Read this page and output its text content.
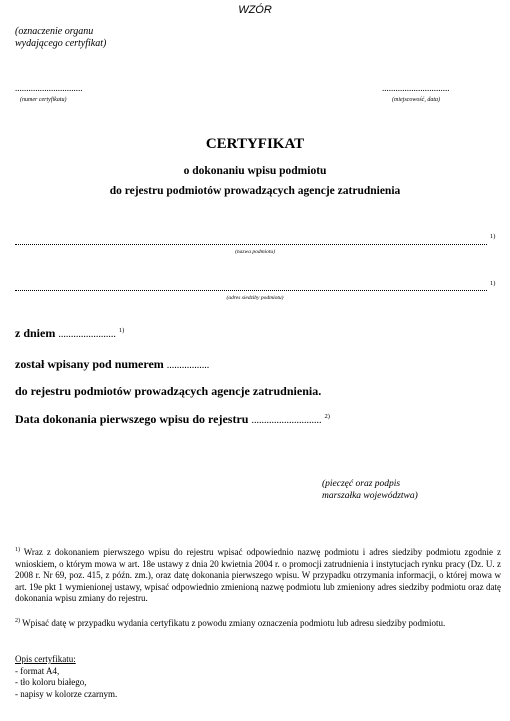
WZÓR
(oznaczenie organu
wydającego certyfikat)
..............................
(numer certyfikatu)
..............................
(miejscowość, data)
CERTYFIKAT
o dokonaniu wpisu podmiotu
do rejestru podmiotów prowadzących agencje zatrudnienia
1)
(nazwa podmiotu)
1)
(adres siedziby podmiotu)
z dniem ....................... $^{1)}$
został wpisany pod numerem .................
do rejestru podmiotów prowadzących agencje zatrudnienia.
Data dokonania pierwszego wpisu do rejestru ............................ $^{2)}$
(pieczęć oraz podpis
marszałka województwa)
$^{1)}$ Wraz z dokonaniem pierwszego wpisu do rejestru wpisać odpowiednio nazwę podmiotu i adres siedziby podmiotu zgodnie z wnioskiem, o którym mowa w art. 18e ustawy z dnia 20 kwietnia 2004 r. o promocji zatrudnienia i instytucjach rynku pracy (Dz. U. z 2008 r. Nr 69, poz. 415, z późn. zm.), oraz datę dokonania pierwszego wpisu. W przypadku otrzymania informacji, o której mowa w art. 19e pkt 1 wymienionej ustawy, wpisać odpowiednio zmienioną nazwę podmiotu lub zmieniony adres siedziby podmiotu oraz datę dokonania wpisu zmiany do rejestru.
$^{2)}$ Wpisać datę w przypadku wydania certyfikatu z powodu zmiany oznaczenia podmiotu lub adresu siedziby podmiotu.
Opis certyfikatu:
- format A4,
- tło koloru białego,
- napisy w kolorze czarnym.
